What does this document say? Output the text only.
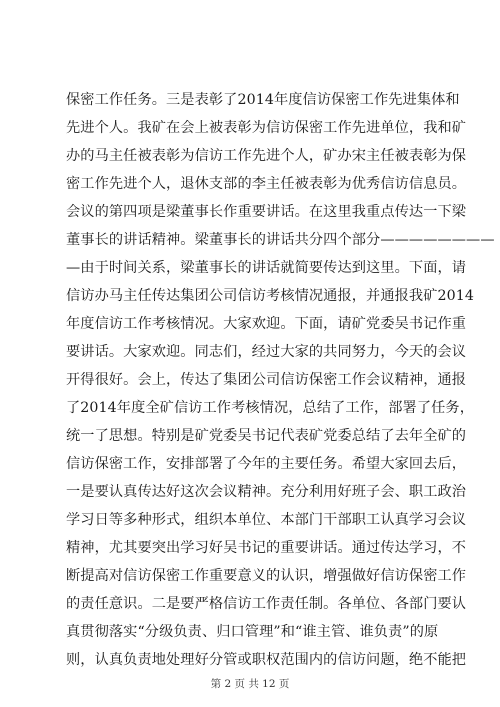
保密工作任务。三是表彰了2014年度信访保密工作先进集体和
先进个人。我矿在会上被表彰为信访保密工作先进单位，我和矿
办的马主任被表彰为信访工作先进个人，矿办宋主任被表彰为保
密工作先进个人，退休支部的李主任被表彰为优秀信访信息员。
会议的第四项是梁董事长作重要讲话。在这里我重点传达一下梁
董事长的讲话精神。梁董事长的讲话共分四个部分————————
—由于时间关系，梁董事长的讲话就简要传达到这里。下面，请
信访办马主任传达集团公司信访考核情况通报，并通报我矿2014
年度信访工作考核情况。大家欢迎。下面，请矿党委吴书记作重
要讲话。大家欢迎。同志们，经过大家的共同努力，今天的会议
开得很好。会上，传达了集团公司信访保密工作会议精神，通报
了2014年度全矿信访工作考核情况，总结了工作，部署了任务，
统一了思想。特别是矿党委吴书记代表矿党委总结了去年全矿的
信访保密工作，安排部署了今年的主要任务。希望大家回去后，
一是要认真传达好这次会议精神。充分利用好班子会、职工政治
学习日等多种形式，组织本单位、本部门干部职工认真学习会议
精神，尤其要突出学习好吴书记的重要讲话。通过传达学习，不
断提高对信访保密工作重要意义的认识，增强做好信访保密工作
的责任意识。二是要严格信访工作责任制。各单位、各部门要认
真贯彻落实“分级负责、归口管理”和“谁主管、谁负责”的原
则，认真负责地处理好分管或职权范围内的信访问题，绝不能把
第 2 页 共 12 页
